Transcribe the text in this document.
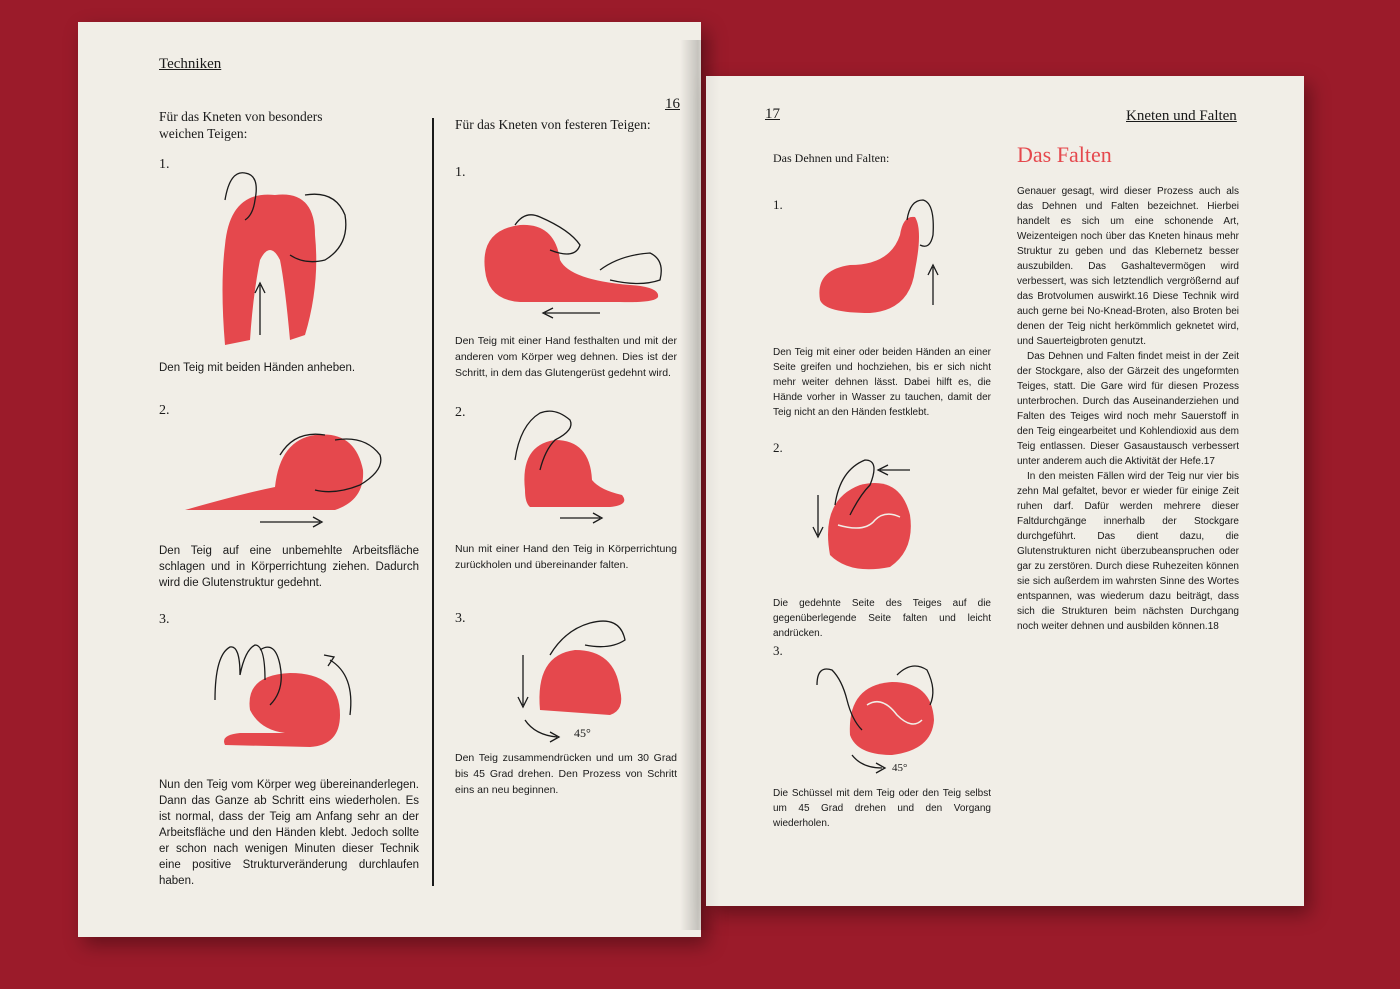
Techniken
16
Für das Kneten von besonders weichen Teigen:
1.
Den Teig mit beiden Händen anheben.
2.
Den Teig auf eine unbemehlte Arbeitsfläche schlagen und in Körperrichtung ziehen. Dadurch wird die Glutenstruktur gedehnt.
3.
Nun den Teig vom Körper weg übereinanderlegen. Dann das Ganze ab Schritt eins wiederholen. Es ist normal, dass der Teig am Anfang sehr an der Arbeitsfläche und den Händen klebt. Jedoch sollte er schon nach wenigen Minuten dieser Technik eine positive Strukturveränderung durchlaufen haben.
Für das Kneten von festeren Teigen:
1.
Den Teig mit einer Hand festhalten und mit der anderen vom Körper weg dehnen. Dies ist der Schritt, in dem das Glutengerüst gedehnt wird.
2.
Nun mit einer Hand den Teig in Körperrichtung zurückholen und übereinander falten.
3.
45°
Den Teig zusammendrücken und um 30 Grad bis 45 Grad drehen. Den Prozess von Schritt eins an neu beginnen.
17	Kneten und Falten
Das Dehnen und Falten:
1.
Den Teig mit einer oder beiden Händen an einer Seite greifen und hochziehen, bis er sich nicht mehr weiter dehnen lässt. Dabei hilft es, die Hände vorher in Wasser zu tauchen, damit der Teig nicht an den Händen festklebt.
2.
Die gedehnte Seite des Teiges auf die gegenüberlegende Seite falten und leicht andrücken.
3.
45°
Die Schüssel mit dem Teig oder den Teig selbst um 45 Grad drehen und den Vorgang wiederholen.
Das Falten

Genauer gesagt, wird dieser Prozess auch als das Dehnen und Falten bezeichnet. Hierbei handelt es sich um eine schonende Art, Weizenteigen noch über das Kneten hinaus mehr Struktur zu geben und das Klebernetz besser auszubilden. Das Gashaltevermögen wird verbessert, was sich letztendlich vergrößernd auf das Brotvolumen auswirkt.16 Diese Technik wird auch gerne bei No-Knead-Broten, also Broten bei denen der Teig nicht herkömmlich geknetet wird, und Sauerteigbroten genutzt.

Das Dehnen und Falten findet meist in der Zeit der Stockgare, also der Gärzeit des ungeformten Teiges, statt. Die Gare wird für diesen Prozess unterbrochen. Durch das Auseinanderziehen und Falten des Teiges wird noch mehr Sauerstoff in den Teig eingearbeitet und Kohlendioxid aus dem Teig entlassen. Dieser Gasaustausch verbessert unter anderem auch die Aktivität der Hefe.17

In den meisten Fällen wird der Teig nur vier bis zehn Mal gefaltet, bevor er wieder für einige Zeit ruhen darf. Dafür werden mehrere dieser Faltdurchgänge innerhalb der Stockgare durchgeführt. Das dient dazu, die Glutenstrukturen nicht überzubeanspruchen oder gar zu zerstören. Durch diese Ruhezeiten können sie sich außerdem im wahrsten Sinne des Wortes entspannen, was wiederum dazu beiträgt, dass sich die Strukturen beim nächsten Durchgang noch weiter dehnen und ausbilden können.18
